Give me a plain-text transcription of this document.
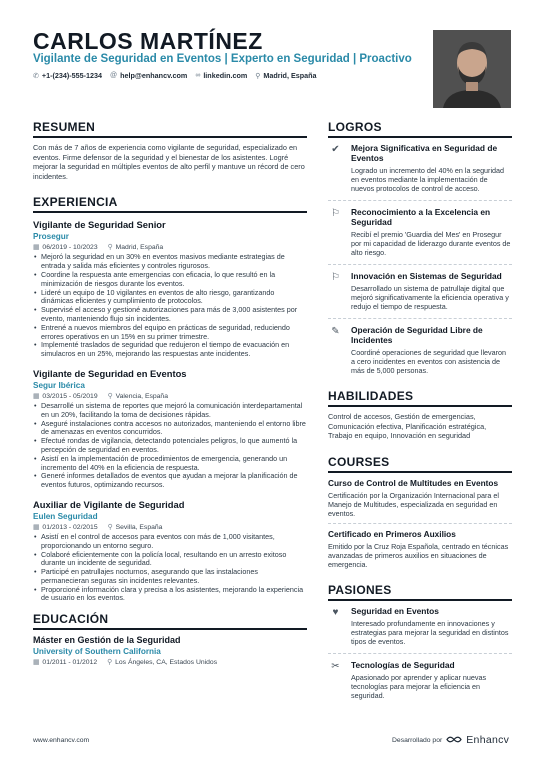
CARLOS MARTÍNEZ
Vigilante de Seguridad en Eventos | Experto en Seguridad | Proactivo
✆ +1-(234)-555-1234 @ help@enhancv.com ∞ linkedin.com ⚲ Madrid, España
RESUMEN
Con más de 7 años de experiencia como vigilante de seguridad, especializado en eventos. Firme defensor de la seguridad y el bienestar de los asistentes. Logré mejorar la seguridad en múltiples eventos de alto perfil y mantuve un récord de cero incidentes.
EXPERIENCIA
Vigilante de Seguridad Senior
Prosegur
▦ 06/2019 - 10/2023 ⚲ Madrid, España
• Mejoró la seguridad en un 30% en eventos masivos mediante estrategias de entrada y salida más eficientes y controles rigurosos.
• Coordine la respuesta ante emergencias con eficacia, lo que resultó en la minimización de riesgos durante los eventos.
• Lideré un equipo de 10 vigilantes en eventos de alto riesgo, garantizando dinámicas eficientes y cumplimiento de protocolos.
• Supervisé el acceso y gestioné autorizaciones para más de 3,000 asistentes por evento, manteniendo flujo sin incidentes.
• Entrené a nuevos miembros del equipo en prácticas de seguridad, reduciendo errores operativos en un 15% en su primer trimestre.
• Implementé traslados de seguridad que redujeron el tiempo de evacuación en simulacros en un 25%, mejorando las respuestas ante incidentes.
Vigilante de Seguridad en Eventos
Segur Ibérica
▦ 03/2015 - 05/2019 ⚲ Valencia, España
• Desarrollé un sistema de reportes que mejoró la comunicación interdepartamental en un 20%, facilitando la toma de decisiones rápidas.
• Aseguré instalaciones contra accesos no autorizados, manteniendo el entorno libre de amenazas en eventos concurridos.
• Efectué rondas de vigilancia, detectando potenciales peligros, lo que aumentó la percepción de seguridad en eventos.
• Asistí en la implementación de procedimientos de emergencia, generando un incremento del 40% en la eficiencia de respuesta.
• Generé informes detallados de eventos que ayudan a mejorar la planificación de eventos futuros, optimizando recursos.
Auxiliar de Vigilante de Seguridad
Eulen Seguridad
▦ 01/2013 - 02/2015 ⚲ Sevilla, España
• Asistí en el control de accesos para eventos con más de 1,000 visitantes, proporcionando un entorno seguro.
• Colaboré eficientemente con la policía local, resultando en un arresto exitoso durante un incidente de seguridad.
• Participé en patrullajes nocturnos, asegurando que las instalaciones permanecieran seguras sin incidentes relevantes.
• Proporcioné información clara y precisa a los asistentes, mejorando la experiencia de usuario en los eventos.
EDUCACIÓN
Máster en Gestión de la Seguridad
University of Southern California
▦ 01/2011 - 01/2012 ⚲ Los Ángeles, CA, Estados Unidos
LOGROS
✔	Mejora Significativa en Seguridad de Eventos
Logrado un incremento del 40% en la seguridad en eventos mediante la implementación de nuevos protocolos de control de acceso.
⚐	Reconocimiento a la Excelencia en Seguridad
Recibí el premio 'Guardia del Mes' en Prosegur por mi capacidad de liderazgo durante eventos de alto riesgo.
⚐	Innovación en Sistemas de Seguridad
Desarrollado un sistema de patrullaje digital que mejoró significativamente la eficiencia operativa y redujo el tiempo de respuesta.
✎	Operación de Seguridad Libre de Incidentes
Coordiné operaciones de seguridad que llevaron a cero incidentes en eventos con asistencia de más de 5,000 personas.
HABILIDADES
Control de accesos, Gestión de emergencias, Comunicación efectiva, Planificación estratégica, Trabajo en equipo, Innovación en seguridad
COURSES
Curso de Control de Multitudes en Eventos
Certificación por la Organización Internacional para el Manejo de Multitudes, especializada en seguridad en eventos.
Certificado en Primeros Auxilios
Emitido por la Cruz Roja Española, centrado en técnicas avanzadas de primeros auxilios en situaciones de emergencia.
PASIONES
♥	Seguridad en Eventos
Interesado profundamente en innovaciones y estrategias para mejorar la seguridad en distintos tipos de eventos.
✂	Tecnologías de Seguridad
Apasionado por aprender y aplicar nuevas tecnologías para mejorar la eficiencia en seguridad.
www.enhancv.com	Desarrollado por Enhancv
